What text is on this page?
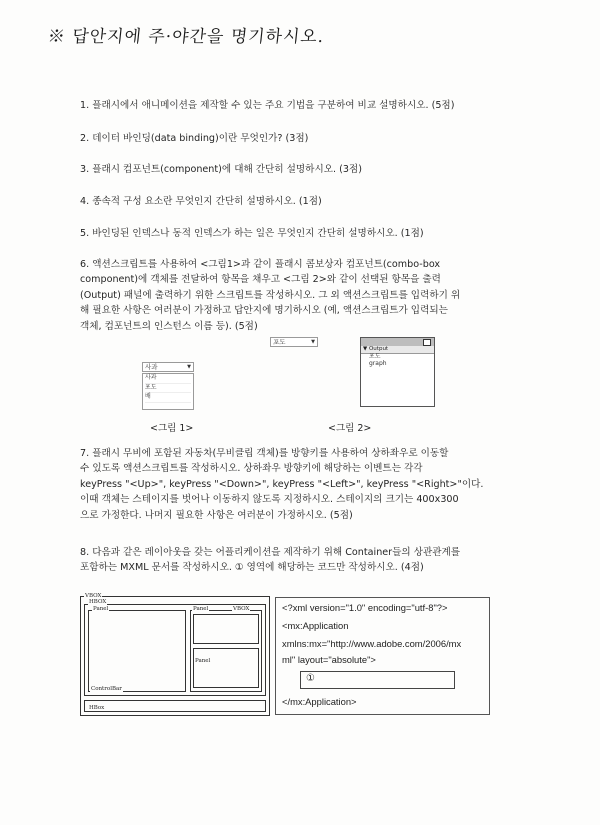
※ 답안지에 주·야간을 명기하시오.
1. 플래시에서 애니메이션을 제작할 수 있는 주요 기법을 구분하여 비교 설명하시오. (5점)
2. 데이터 바인딩(data binding)이란 무엇인가? (3점)
3. 플래시 컴포넌트(component)에 대해 간단히 설명하시오. (3점)
4. 종속적 구성 요소란 무엇인지 간단히 설명하시오. (1점)
5. 바인딩된 인덱스나 동적 인덱스가 하는 일은 무엇인지 간단히 설명하시오. (1점)
6. 액션스크립트를 사용하여 <그림1>과 같이 플래시 콤보상자 컴포넌트(combo-box
component)에 객체를 전달하여 항목을 채우고 <그림 2>와 같이 선택된 항목을 출력
(Output) 패널에 출력하기 위한 스크립트를 작성하시오. 그 외 액션스크립트를 입력하기 위
해 필요한 사항은 여러분이 가정하고 답안지에 명기하시오 (예, 액션스크립트가 입력되는
객체, 컴포넌트의 인스턴스 이름 등). (5점)
사과	▼
사과
포도
배
<그림 1>
포도	▼
▼ Output
포도
graph
<그림 2>
7. 플래시 무비에 포함된 자동차(무비클립 객체)를 방향키를 사용하여 상하좌우로 이동할
수 있도록 액션스크립트를 작성하시오. 상하좌우 방향키에 해당하는 이벤트는 각각
keyPress "<Up>", keyPress "<Down>", keyPress "<Left>", keyPress "<Right>"이다.
이때 객체는 스테이지를 벗어나 이동하지 않도록 지정하시오. 스테이지의 크기는 400x300
으로 가정한다. 나머지 필요한 사항은 여러분이 가정하시오. (5점)
8. 다음과 같은 레이아웃을 갖는 어플리케이션을 제작하기 위해 Container들의 상관관계를
포함하는 MXML 문서를 작성하시오. ① 영역에 해당하는 코드만 작성하시오. (4점)
VBOX
HBOX
Panel	VBOX
Panel
Panel
ControlBar
HBox
<?xml version="1.0" encoding="utf-8"?>
<mx:Application
xmlns:mx="http://www.adobe.com/2006/mx
ml" layout="absolute">
①
</mx:Application>
